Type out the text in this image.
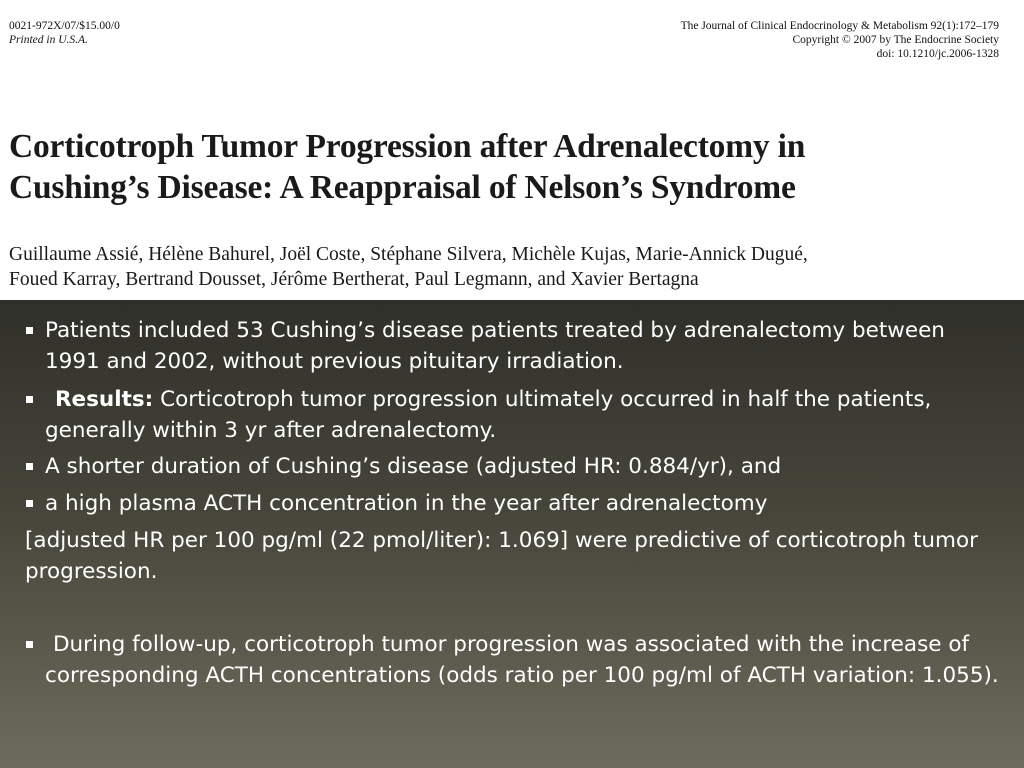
0021-972X/07/$15.00/0
Printed in U.S.A.
The Journal of Clinical Endocrinology & Metabolism 92(1):172–179
Copyright © 2007 by The Endocrine Society
doi: 10.1210/jc.2006-1328
Corticotroph Tumor Progression after Adrenalectomy in
Cushing’s Disease: A Reappraisal of Nelson’s Syndrome

Guillaume Assié, Hélène Bahurel, Joël Coste, Stéphane Silvera, Michèle Kujas, Marie-Annick Dugué,
Foued Karray, Bertrand Dousset, Jérôme Bertherat, Paul Legmann, and Xavier Bertagna

Patients included 53 Cushing’s disease patients treated by adrenalectomy between 1991 and 2002, without previous pituitary irradiation.
Results: Corticotroph tumor progression ultimately occurred in half the patients, generally within 3 yr after adrenalectomy.
A shorter duration of Cushing’s disease (adjusted HR: 0.884/yr), and
a high plasma ACTH concentration in the year after adrenalectomy
[adjusted HR per 100 pg/ml (22 pmol/liter): 1.069] were predictive of corticotroph tumor progression.
During follow-up, corticotroph tumor progression was associated with the increase of corresponding ACTH concentrations (odds ratio per 100 pg/ml of ACTH variation: 1.055).
